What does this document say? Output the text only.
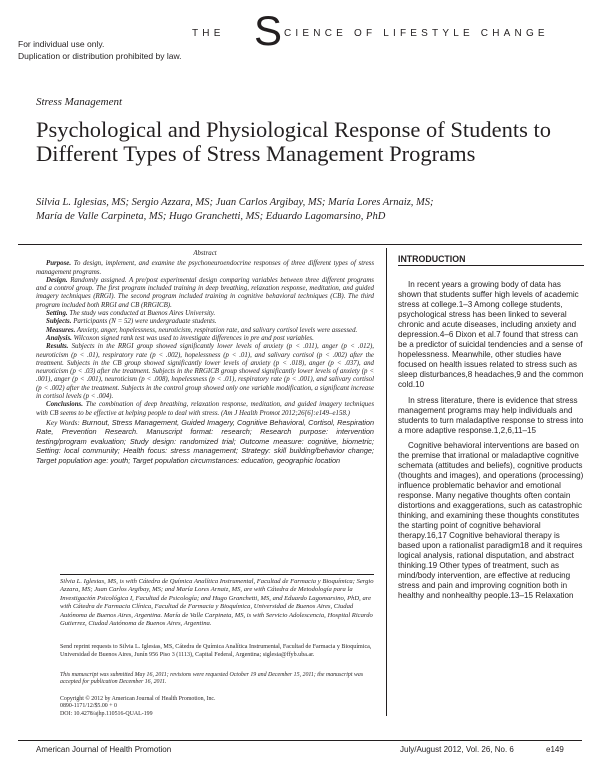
For individual use only.
Duplication or distribution prohibited by law.
THE S CIENCE OF LIFESTYLE CHANGE
Stress Management
Psychological and Physiological Response of Students to Different Types of Stress Management Programs
Silvia L. Iglesias, MS; Sergio Azzara, MS; Juan Carlos Argibay, MS; María Lores Arnaiz, MS;
María de Valle Carpineta, MS; Hugo Granchetti, MS; Eduardo Lagomarsino, PhD
Abstract

Purpose. To design, implement, and examine the psychoneuroendocrine responses of three different types of stress management programs.

Design. Randomly assigned. A pre/post experimental design comparing variables between three different programs and a control group. The first program included training in deep breathing, relaxation response, meditation, and guided imagery techniques (RRGI). The second program included training in cognitive behavioral techniques (CB). The third program included both RRGI and CB (RRGICB).

Setting. The study was conducted at Buenos Aires University.

Subjects. Participants (N = 52) were undergraduate students.

Measures. Anxiety, anger, hopelessness, neuroticism, respiration rate, and salivary cortisol levels were assessed.

Analysis. Wilcoxon signed rank test was used to investigate differences in pre and post variables.

Results. Subjects in the RRGI group showed significantly lower levels of anxiety (p < .011), anger (p < .012), neuroticism (p < .01), respiratory rate (p < .002), hopelessness (p < .01), and salivary cortisol (p < .002) after the treatment. Subjects in the CB group showed significantly lower levels of anxiety (p < .018), anger (p < .037), and neuroticism (p < .03) after the treatment. Subjects in the RRGICB group showed significantly lower levels of anxiety (p < .001), anger (p < .001), neuroticism (p < .008), hopelessness (p < .01), respiratory rate (p < .001), and salivary cortisol (p < .002) after the treatment. Subjects in the control group showed only one variable modification, a significant increase in cortisol levels (p < .004).

Conclusions. The combination of deep breathing, relaxation response, meditation, and guided imagery techniques with CB seems to be effective at helping people to deal with stress. (Am J Health Promot 2012;26[6]:e149–e158.)

Key Words: Burnout, Stress Management, Guided Imagery, Cognitive Behavioral, Cortisol, Respiration Rate, Prevention Research. Manuscript format: research; Research purpose: intervention testing/program evaluation; Study design: randomized trial; Outcome measure: cognitive, biometric; Setting: local community; Health focus: stress management; Strategy: skill building/behavior change; Target population age: youth; Target population circumstances: education, geographic location

Silvia L. Iglesias, MS, is with Cátedra de Química Analítica Instrumental, Facultad de Farmacia y Bioquímica; Sergio Azzara, MS; Juan Carlos Argibay, MS; and María Lores Arnaiz, MS, are with Cátedra de Metodología para la Investigación Psicológica I, Facultad de Psicología; and Hugo Granchetti, MS, and Eduardo Lagomarsino, PhD, are with Cátedra de Farmacia Clínica, Facultad de Farmacia y Bioquímica, Universidad de Buenos Aires, Ciudad Autónoma de Buenos Aires, Argentina. María de Valle Carpineta, MS, is with Servicio Adolescencia, Hospital Ricardo Gutierrez, Ciudad Autónoma de Buenos Aires, Argentina.
Send reprint requests to Silvia L. Iglesias, MS, Cátedra de Química Analítica Instrumental, Facultad de Farmacia y Bioquímica, Universidad de Buenos Aires, Junín 956 Piso 3 (1113), Capital Federal, Argentina; siglesia@ffyb.uba.ar.
This manuscript was submitted May 16, 2011; revisions were requested October 19 and December 15, 2011; the manuscript was accepted for publication December 16, 2011.
Copyright © 2012 by American Journal of Health Promotion, Inc.
0890-1171/12/$5.00 + 0
DOI: 10.4278/ajhp.110516-QUAL-199
INTRODUCTION

In recent years a growing body of data has shown that students suffer high levels of academic stress at college.1–3 Among college students, psychological stress has been linked to several chronic and acute diseases, including anxiety and depression.4–6 Dixon et al.7 found that stress can be a predictor of suicidal tendencies and a sense of hopelessness. Meanwhile, other studies have focused on health issues related to stress such as sleep disturbances,8 headaches,9 and the common cold.10

In stress literature, there is evidence that stress management programs may help individuals and students to turn maladaptive response to stress into a more adaptive response.1,2,6,11–15

Cognitive behavioral interventions are based on the premise that irrational or maladaptive cognitive schemata (attitudes and beliefs), cognitive products (thoughts and images), and operations (processing) influence problematic behavior and emotional response. Many negative thoughts often contain distortions and exaggerations, such as catastrophic thinking, and examining these thoughts constitutes the starting point of cognitive behavioral therapy.16,17 Cognitive behavioral therapy is based upon a rationalist paradigm18 and it requires logical analysis, rational disputation, and abstract thinking.19 Other types of treatment, such as mind/body intervention, are effective at reducing stress and pain and improving cognition both in healthy and nonhealthy people.13–15 Relaxation

American Journal of Health Promotion	July/August 2012, Vol. 26, No. 6	e149
